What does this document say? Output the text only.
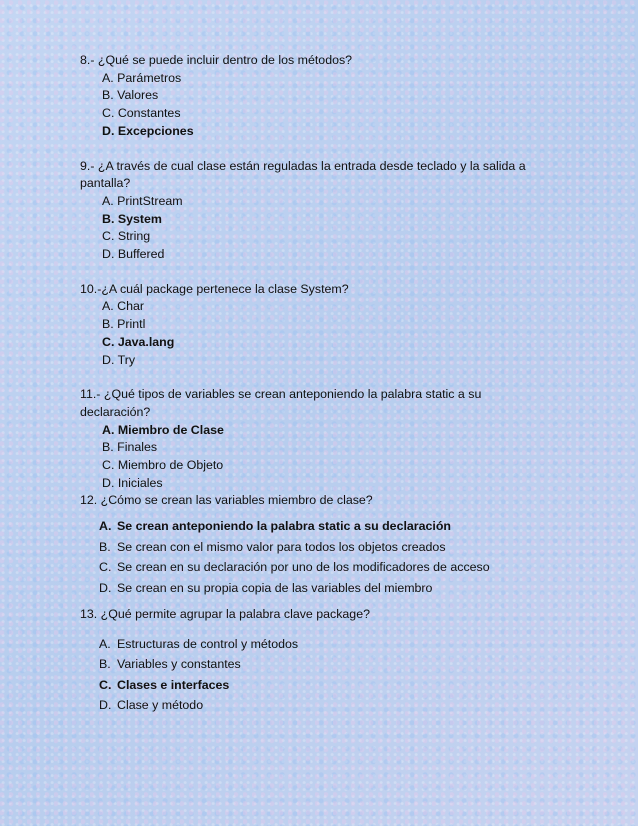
8.- ¿Qué se puede incluir dentro de los métodos?
A. Parámetros
B. Valores
C. Constantes
D. Excepciones
9.- ¿A través de cual clase están reguladas la entrada desde teclado y la salida a
pantalla?
A. PrintStream
B. System
C. String
D. Buffered
10.-¿A cuál package pertenece la clase System?
A. Char
B. Printl
C. Java.lang
D. Try
11.- ¿Qué tipos de variables se crean anteponiendo la palabra static a su
declaración?
A. Miembro de Clase
B. Finales
C. Miembro de Objeto
D. Iniciales
12. ¿Cómo se crean las variables miembro de clase?
A. Se crean anteponiendo la palabra static a su declaración
B. Se crean con el mismo valor para todos los objetos creados
C. Se crean en su declaración por uno de los modificadores de acceso
D. Se crean en su propia copia de las variables del miembro
13. ¿Qué permite agrupar la palabra clave package?
A. Estructuras de control y métodos
B. Variables y constantes
C. Clases e interfaces
D. Clase y método
